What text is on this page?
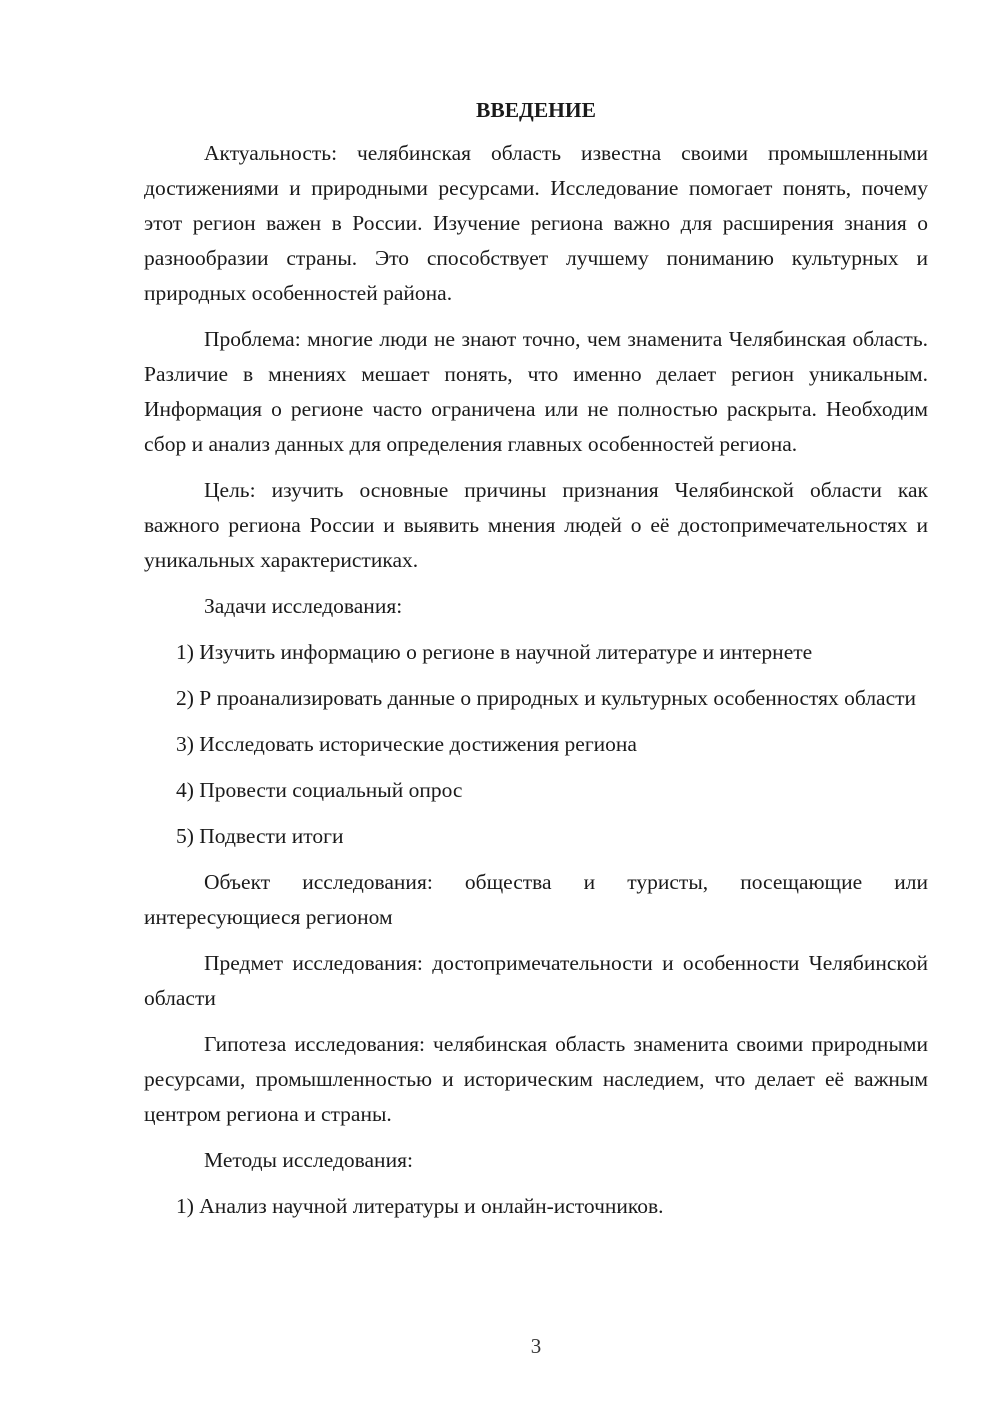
ВВЕДЕНИЕ

Актуальность: челябинская область известна своими промышленными достижениями и природными ресурсами. Исследование помогает понять, почему этот регион важен в России. Изучение региона важно для расширения знания о разнообразии страны. Это способствует лучшему пониманию культурных и природных особенностей района.

Проблема: многие люди не знают точно, чем знаменита Челябинская область. Различие в мнениях мешает понять, что именно делает регион уникальным. Информация о регионе часто ограничена или не полностью раскрыта. Необходим сбор и анализ данных для определения главных особенностей региона.

Цель: изучить основные причины признания Челябинской области как важного региона России и выявить мнения людей о её достопримечательностях и уникальных характеристиках.

Задачи исследования:

1) Изучить информацию о регионе в научной литературе и интернете

2) Р проанализировать данные о природных и культурных особенностях области

3) Исследовать исторические достижения региона

4) Провести социальный опрос

5) Подвести итоги

Объект исследования: общества и туристы, посещающие или интересующиеся регионом

Предмет исследования: достопримечательности и особенности Челябинской области

Гипотеза исследования: челябинская область знаменита своими природными ресурсами, промышленностью и историческим наследием, что делает её важным центром региона и страны.

Методы исследования:

1) Анализ научной литературы и онлайн-источников.

3
